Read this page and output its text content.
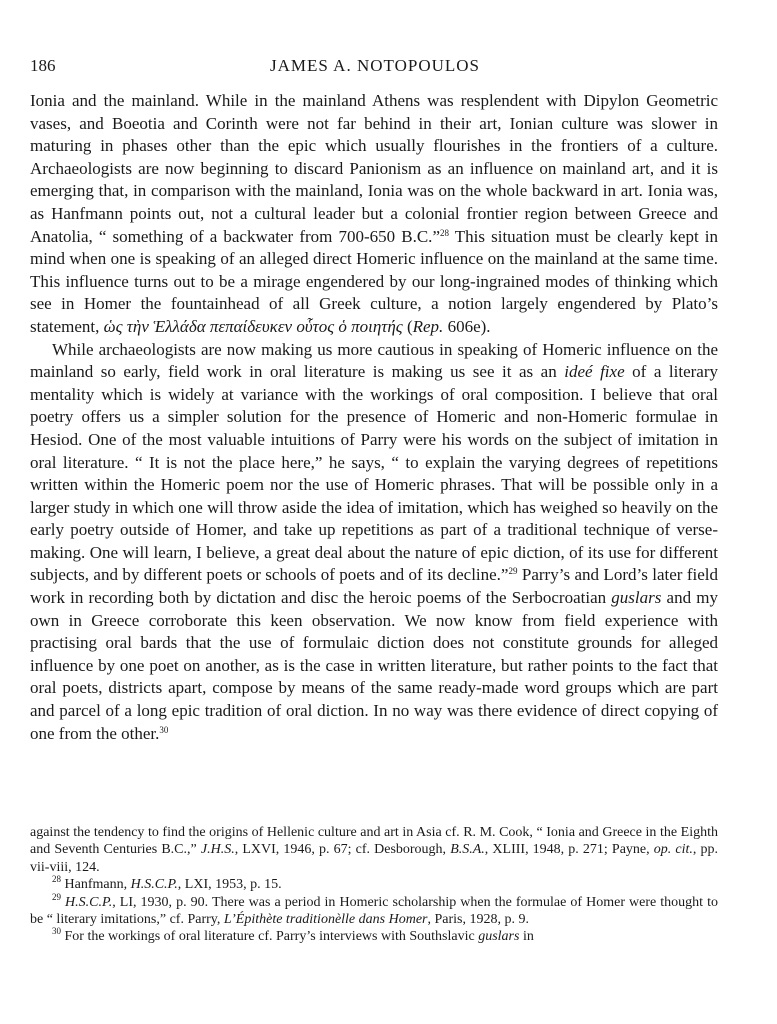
186	JAMES A. NOTOPOULOS

Ionia and the mainland. While in the mainland Athens was resplendent with Dipylon Geometric vases, and Boeotia and Corinth were not far behind in their art, Ionian culture was slower in maturing in phases other than the epic which usually flourishes in the frontiers of a culture. Archaeologists are now beginning to discard Panionism as an influence on mainland art, and it is emerging that, in comparison with the mainland, Ionia was on the whole backward in art. Ionia was, as Hanfmann points out, not a cultural leader but a colonial frontier region between Greece and Anatolia, “ something of a backwater from 700-650 B.C.”$^{28}$ This situation must be clearly kept in mind when one is speaking of an alleged direct Homeric influence on the mainland at the same time. This influence turns out to be a mirage engendered by our long-ingrained modes of thinking which see in Homer the fountainhead of all Greek culture, a notion largely engendered by Plato’s statement, ὡς τὴν Ἑλλάδα πεπαίδευκεν οὗτος ὁ ποιητής (Rep. 606e).

While archaeologists are now making us more cautious in speaking of Homeric influence on the mainland so early, field work in oral literature is making us see it as an ideé fixe of a literary mentality which is widely at variance with the workings of oral composition. I believe that oral poetry offers us a simpler solution for the presence of Homeric and non-Homeric formulae in Hesiod. One of the most valuable intuitions of Parry were his words on the subject of imitation in oral literature. “ It is not the place here,” he says, “ to explain the varying degrees of repetitions written within the Homeric poem nor the use of Homeric phrases. That will be possible only in a larger study in which one will throw aside the idea of imitation, which has weighed so heavily on the early poetry outside of Homer, and take up repetitions as part of a traditional technique of verse-making. One will learn, I believe, a great deal about the nature of epic diction, of its use for different subjects, and by different poets or schools of poets and of its decline.”$^{29}$ Parry’s and Lord’s later field work in recording both by dictation and disc the heroic poems of the Serbocroatian guslars and my own in Greece corroborate this keen observation. We now know from field experience with practising oral bards that the use of formulaic diction does not constitute grounds for alleged influence by one poet on another, as is the case in written literature, but rather points to the fact that oral poets, districts apart, compose by means of the same ready-made word groups which are part and parcel of a long epic tradition of oral diction. In no way was there evidence of direct copying of one from the other.$^{30}$

against the tendency to find the origins of Hellenic culture and art in Asia cf. R. M. Cook, “ Ionia and Greece in the Eighth and Seventh Centuries B.C.,” J.H.S., LXVI, 1946, p. 67; cf. Desborough, B.S.A., XLIII, 1948, p. 271; Payne, op. cit., pp. vii-viii, 124.

$^{28}$ Hanfmann, H.S.C.P., LXI, 1953, p. 15.

$^{29}$ H.S.C.P., LI, 1930, p. 90. There was a period in Homeric scholarship when the formulae of Homer were thought to be “ literary imitations,” cf. Parry, L’Épithète traditionèlle dans Homer, Paris, 1928, p. 9.

$^{30}$ For the workings of oral literature cf. Parry’s interviews with Southslavic guslars in
